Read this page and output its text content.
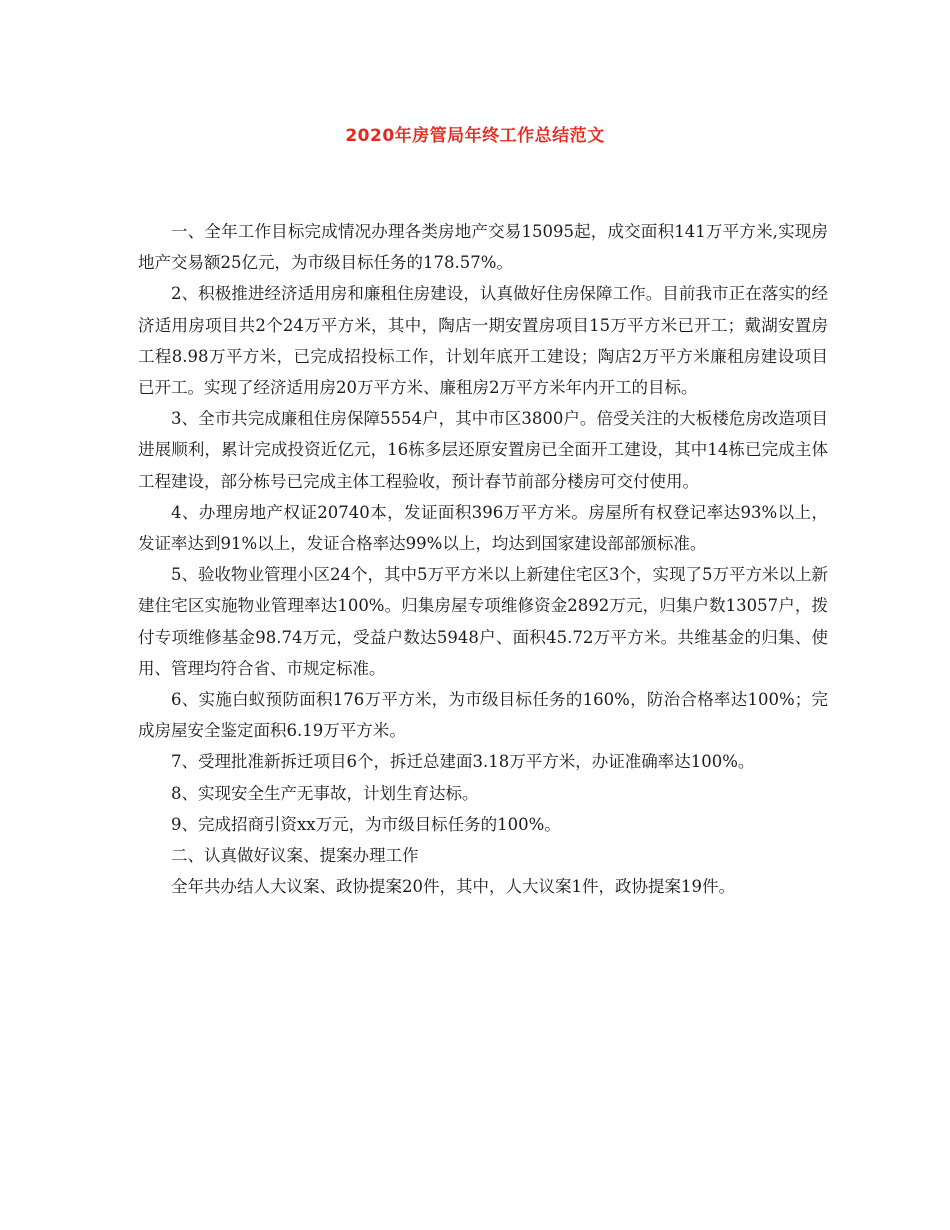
2020年房管局年终工作总结范文

一、全年工作目标完成情况办理各类房地产交易15095起，成交面积141万平方米,实现房地产交易额25亿元，为市级目标任务的178.57%。

2、积极推进经济适用房和廉租住房建设，认真做好住房保障工作。目前我市正在落实的经济适用房项目共2个24万平方米，其中，陶店一期安置房项目15万平方米已开工；戴湖安置房工程8.98万平方米，已完成招投标工作，计划年底开工建设；陶店2万平方米廉租房建设项目已开工。实现了经济适用房20万平方米、廉租房2万平方米年内开工的目标。

3、全市共完成廉租住房保障5554户，其中市区3800户。倍受关注的大板楼危房改造项目进展顺利，累计完成投资近亿元，16栋多层还原安置房已全面开工建设，其中14栋已完成主体工程建设，部分栋号已完成主体工程验收，预计春节前部分楼房可交付使用。

4、办理房地产权证20740本，发证面积396万平方米。房屋所有权登记率达93%以上，发证率达到91%以上，发证合格率达99%以上，均达到国家建设部部颁标准。

5、验收物业管理小区24个，其中5万平方米以上新建住宅区3个，实现了5万平方米以上新建住宅区实施物业管理率达100%。归集房屋专项维修资金2892万元，归集户数13057户，拨付专项维修基金98.74万元，受益户数达5948户、面积45.72万平方米。共维基金的归集、使用、管理均符合省、市规定标准。

6、实施白蚁预防面积176万平方米，为市级目标任务的160%，防治合格率达100%；完成房屋安全鉴定面积6.19万平方米。

7、受理批准新拆迁项目6个，拆迁总建面3.18万平方米，办证准确率达100%。

8、实现安全生产无事故，计划生育达标。

9、完成招商引资xx万元，为市级目标任务的100%。

二、认真做好议案、提案办理工作

全年共办结人大议案、政协提案20件，其中，人大议案1件，政协提案19件。
